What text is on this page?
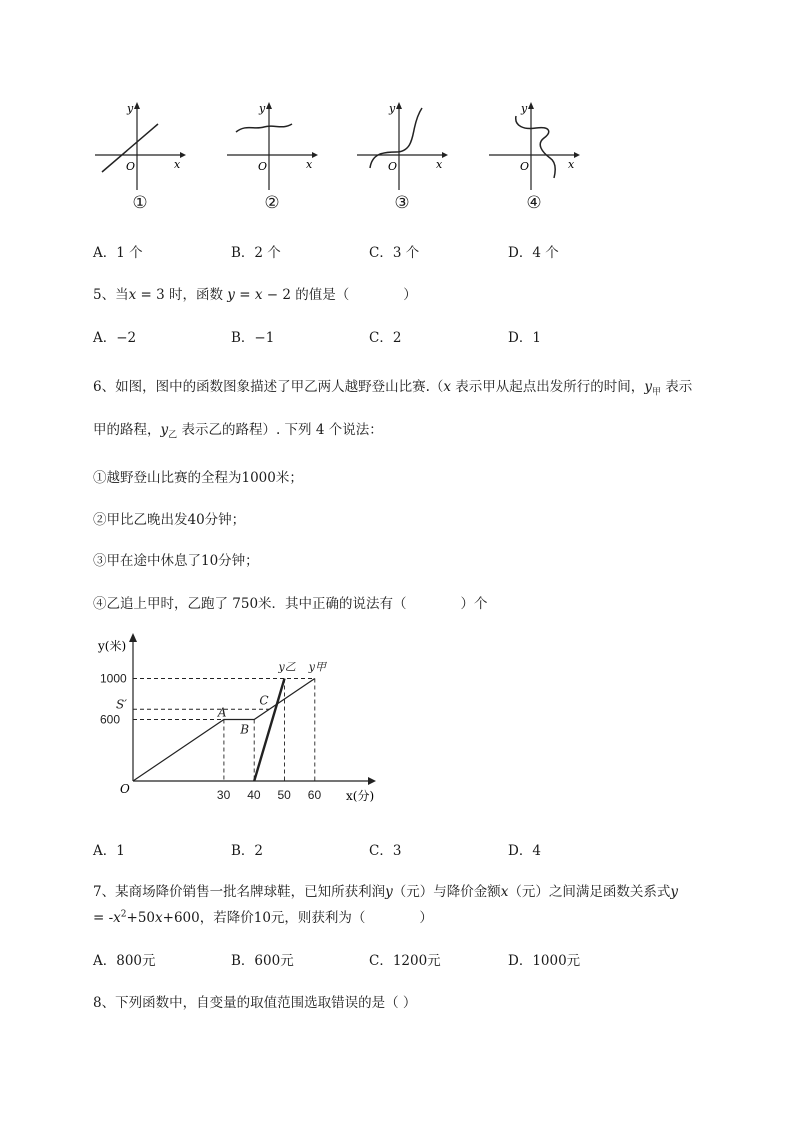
y
x
O
①
y
x
O
②
y
x
O
③
y
x
O
④
A．1 个	B．2 个	C．3 个	D．4 个
5、当x = 3 时，函数 y = x − 2 的值是（　　　　）
A．−2	B．−1	C．2	D．1
6、如图，图中的函数图象描述了甲乙两人越野登山比赛.（x 表示甲从起点出发所行的时间，$y_甲$ 表示
甲的路程，$y_乙$ 表示乙的路程）. 下列 4 个说法：
①越野登山比赛的全程为1000米；
②甲比乙晚出发40分钟；
③甲在途中休息了10分钟；
④乙追上甲时，乙跑了 750米．其中正确的说法有（　　　　）个
y(米)
x(分)
O
1000
S′
600
30 40 50 60
A
B
C
y乙 y甲
A．1	B．2	C．3	D．4
7、某商场降价销售一批名牌球鞋，已知所获利润y（元）与降价金额x（元）之间满足函数关系式y
= $-x^2+50x+600$，若降价10元，则获利为（　　　　）
A．800元	B．600元	C．1200元	D．1000元
8、下列函数中，自变量的取值范围选取错误的是（ ）
